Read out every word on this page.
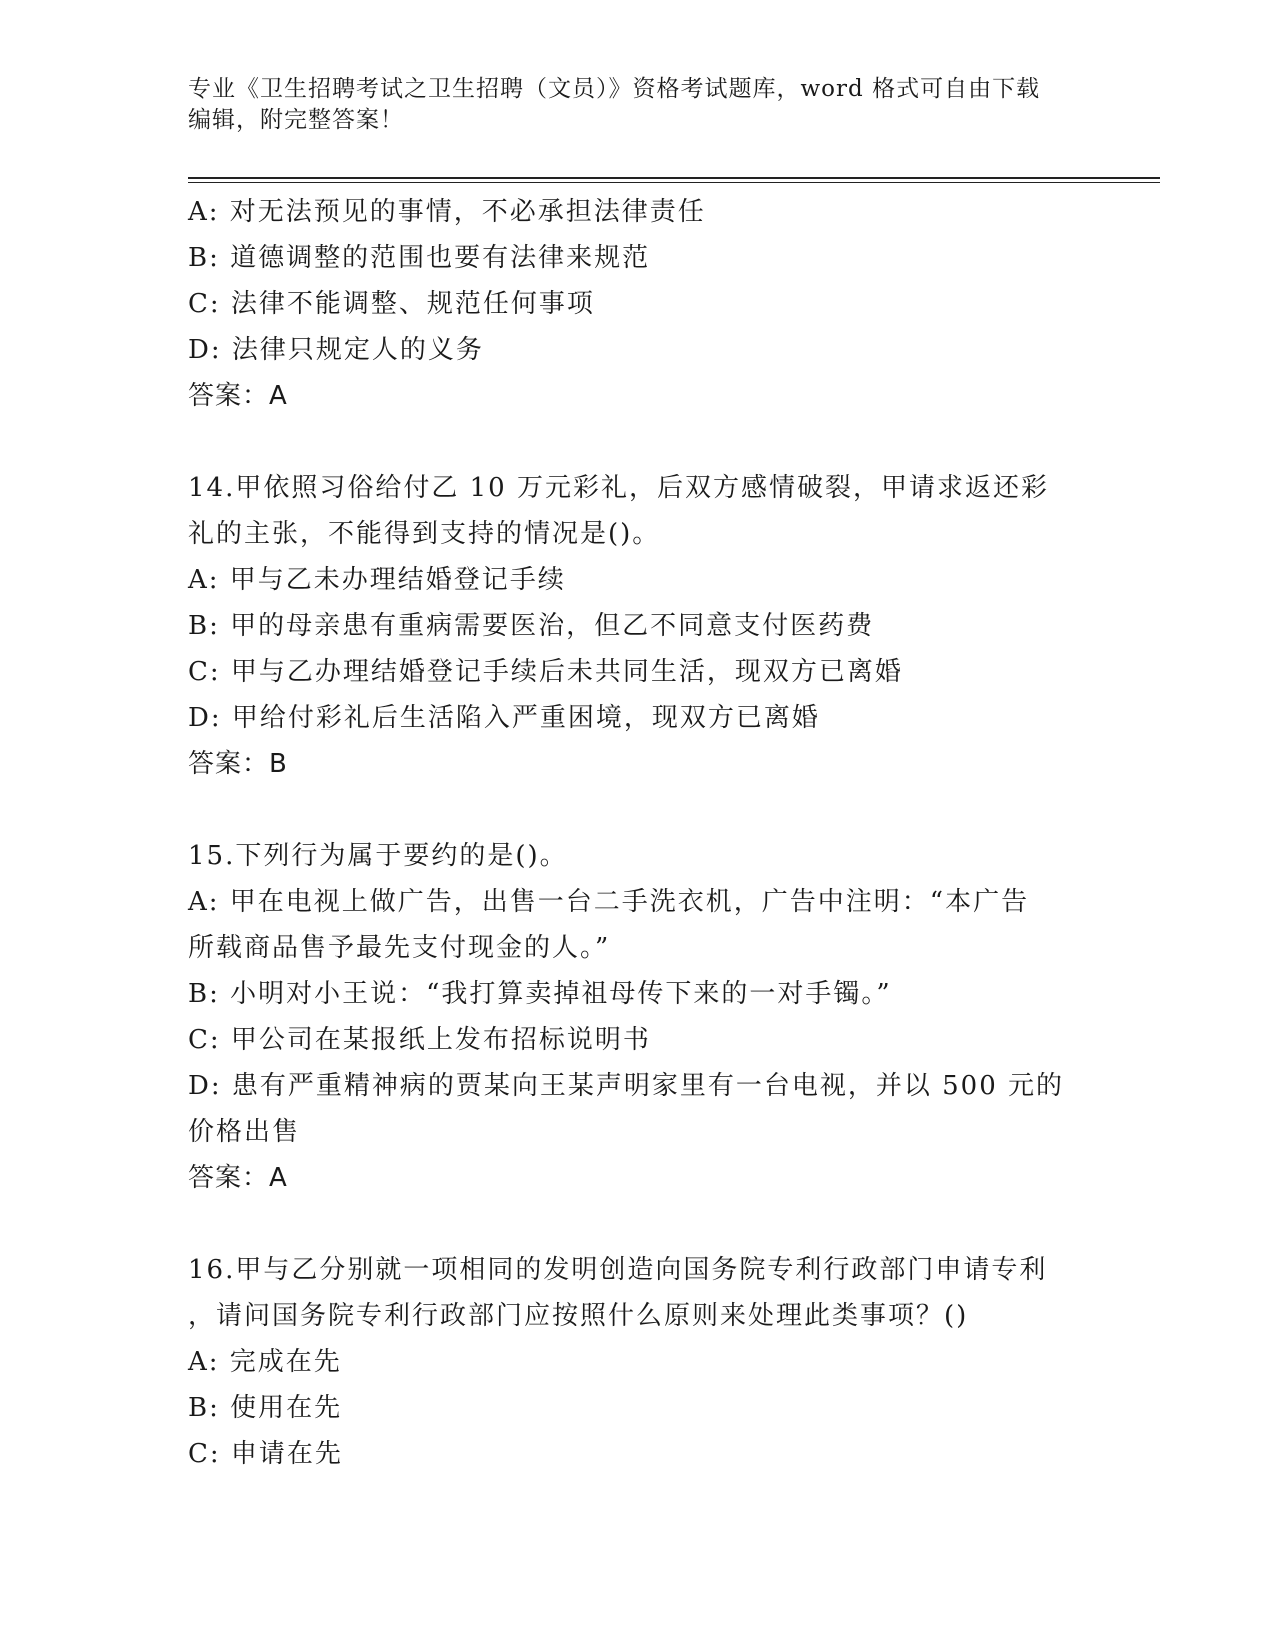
专业《卫生招聘考试之卫生招聘（文员）》资格考试题库，word 格式可自由下载
编辑，附完整答案！
A: 对无法预见的事情，不必承担法律责任
B: 道德调整的范围也要有法律来规范
C: 法律不能调整、规范任何事项
D: 法律只规定人的义务
答案：A
14.甲依照习俗给付乙 10 万元彩礼，后双方感情破裂，甲请求返还彩
礼的主张，不能得到支持的情况是()。
A: 甲与乙未办理结婚登记手续
B: 甲的母亲患有重病需要医治，但乙不同意支付医药费
C: 甲与乙办理结婚登记手续后未共同生活，现双方已离婚
D: 甲给付彩礼后生活陷入严重困境，现双方已离婚
答案：B
15.下列行为属于要约的是()。
A: 甲在电视上做广告，出售一台二手洗衣机，广告中注明：“本广告
所载商品售予最先支付现金的人。”
B: 小明对小王说：“我打算卖掉祖母传下来的一对手镯。”
C: 甲公司在某报纸上发布招标说明书
D: 患有严重精神病的贾某向王某声明家里有一台电视，并以 500 元的
价格出售
答案：A
16.甲与乙分别就一项相同的发明创造向国务院专利行政部门申请专利
，请问国务院专利行政部门应按照什么原则来处理此类事项？()
A: 完成在先
B: 使用在先
C: 申请在先
